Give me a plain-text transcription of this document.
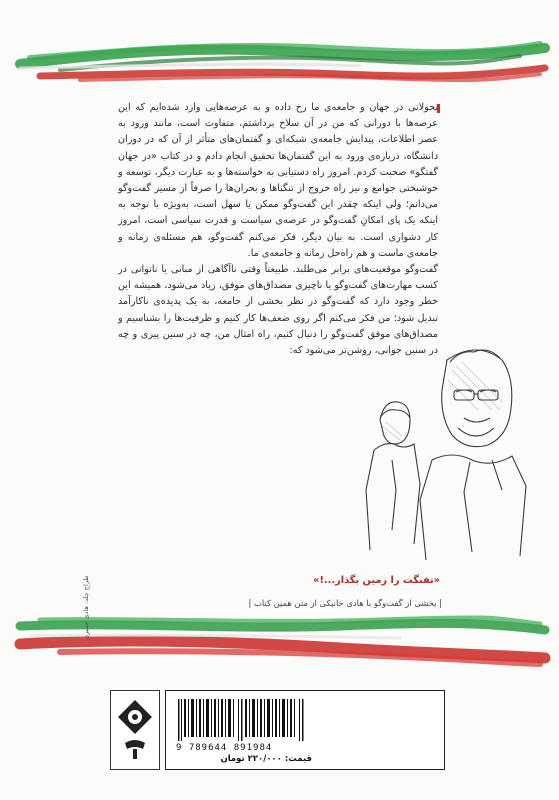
تحولاتی در جهان و جامعه‌ی ما رخ داده و به عرصه‌هایی وارد شده‌ایم که این عرصه‌ها با دورانی که من در آن سلاح برداشتم، متفاوت است، مانند ورود به عصر اطلاعات، پیدایش جامعه‌ی شبکه‌ای و گفتمان‌های متأثر از آن که در دوران دانشگاه، درباره‌ی ورود به این گفتمان‌ها تحقیق انجام دادم و در کتاب «در جهان گفتگو» صحبت کردم. امروز راه دستیابی به خواسته‌ها و به عبارت دیگر، توسعه و خوشبختی جوامع و نیز راه خروج از تنگناها و بحران‌ها را صرفاً از مسیر گفت‌وگو می‌دانم؛ ولی اینکه چقدر این گفت‌وگو ممکن یا سهل است، به‌ویژه با توجه به اینکه یک پای امکانِ گفت‌وگو در عرصه‌ی سیاست و قدرت سیاسی است، امروز کار دشواری است. به بیان دیگر، فکر می‌کنم گفت‌وگو، هم مسئله‌ی زمانه و جامعه‌ی ماست و هم راه‌حل زمانه و جامعه‌ی ما.

گفت‌وگو موقعیت‌های برابر می‌طلبد. طبیعتاً وقتی ناآگاهی از مبانی یا ناتوانی در کسب مهارت‌های گفت‌وگو یا ناچیزی مصداق‌های موفق، زیاد می‌شود، همیشه این خطر وجود دارد که گفت‌وگو در نظر بخشی از جامعه، به یک پدیده‌ی ناکارآمد تبدیل شود؛ من فکر می‌کنم اگر روی ضعف‌ها کار کنیم و ظرفیت‌ها را بشناسیم و مصداق‌های موفق گفت‌وگو را دنبال کنیم، راه امثال من، چه در سنین پیری و چه در سنین جوانی، روشن‌تر می‌شود که:

«تفنگت را زمین بگذار...!»
| بخشی از گفت‌وگو با هادی خانیکی از متن همین کتاب |
طراح جلد: هادی جمیری
9 789644 891984
قیمت: ۲۲۰/۰۰۰ تومان
